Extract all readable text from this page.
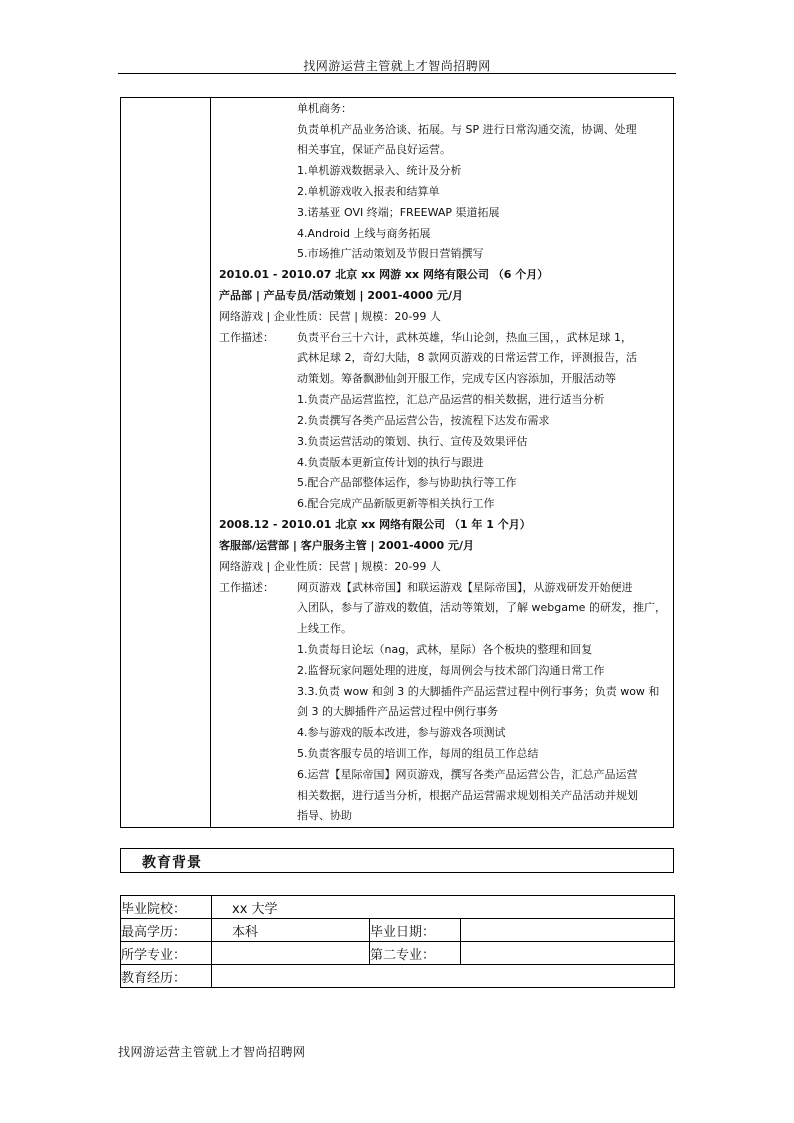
找网游运营主管就上才智尚招聘网
单机商务：
负责单机产品业务洽谈、拓展。与 SP 进行日常沟通交流，协调、处理
相关事宜，保证产品良好运营。
1.单机游戏数据录入、统计及分析
2.单机游戏收入报表和结算单
3.诺基亚 OVI 终端；FREEWAP 渠道拓展
4.Android 上线与商务拓展
5.市场推广活动策划及节假日营销撰写
2010.01 - 2010.07 北京 xx 网游 xx 网络有限公司 （6 个月）
产品部 | 产品专员/活动策划 | 2001-4000 元/月
网络游戏 | 企业性质：民营 | 规模：20-99 人
工作描述： 负责平台三十六计，武林英雄，华山论剑，热血三国，，武林足球 1，
武林足球 2，奇幻大陆，8 款网页游戏的日常运营工作，评测报告，活
动策划。筹备飘渺仙剑开服工作，完成专区内容添加，开服活动等
1.负责产品运营监控，汇总产品运营的相关数据，进行适当分析
2.负责撰写各类产品运营公告，按流程下达发布需求
3.负责运营活动的策划、执行、宣传及效果评估
4.负责版本更新宣传计划的执行与跟进
5.配合产品部整体运作，参与协助执行等工作
6.配合完成产品新版更新等相关执行工作
2008.12 - 2010.01 北京 xx 网络有限公司 （1 年 1 个月）
客服部/运营部 | 客户服务主管 | 2001-4000 元/月
网络游戏 | 企业性质：民营 | 规模：20-99 人
工作描述： 网页游戏【武林帝国】和联运游戏【星际帝国】，从游戏研发开始便进
入团队，参与了游戏的数值，活动等策划，了解 webgame 的研发，推广，
上线工作。
1.负责每日论坛（nag，武林，星际）各个板块的整理和回复
2.监督玩家问题处理的进度，每周例会与技术部门沟通日常工作
3.3.负责 wow 和剑 3 的大脚插件产品运营过程中例行事务；负责 wow 和
剑 3 的大脚插件产品运营过程中例行事务
4.参与游戏的版本改进，参与游戏各项测试
5.负责客服专员的培训工作，每周的组员工作总结
6.运营【星际帝国】网页游戏，撰写各类产品运营公告，汇总产品运营
相关数据，进行适当分析，根据产品运营需求规划相关产品活动并规划
指导、协助
教育背景
毕业院校：	xx 大学		
最高学历：	本科	毕业日期：	
所学专业：		第二专业：	
教育经历：			
找网游运营主管就上才智尚招聘网
